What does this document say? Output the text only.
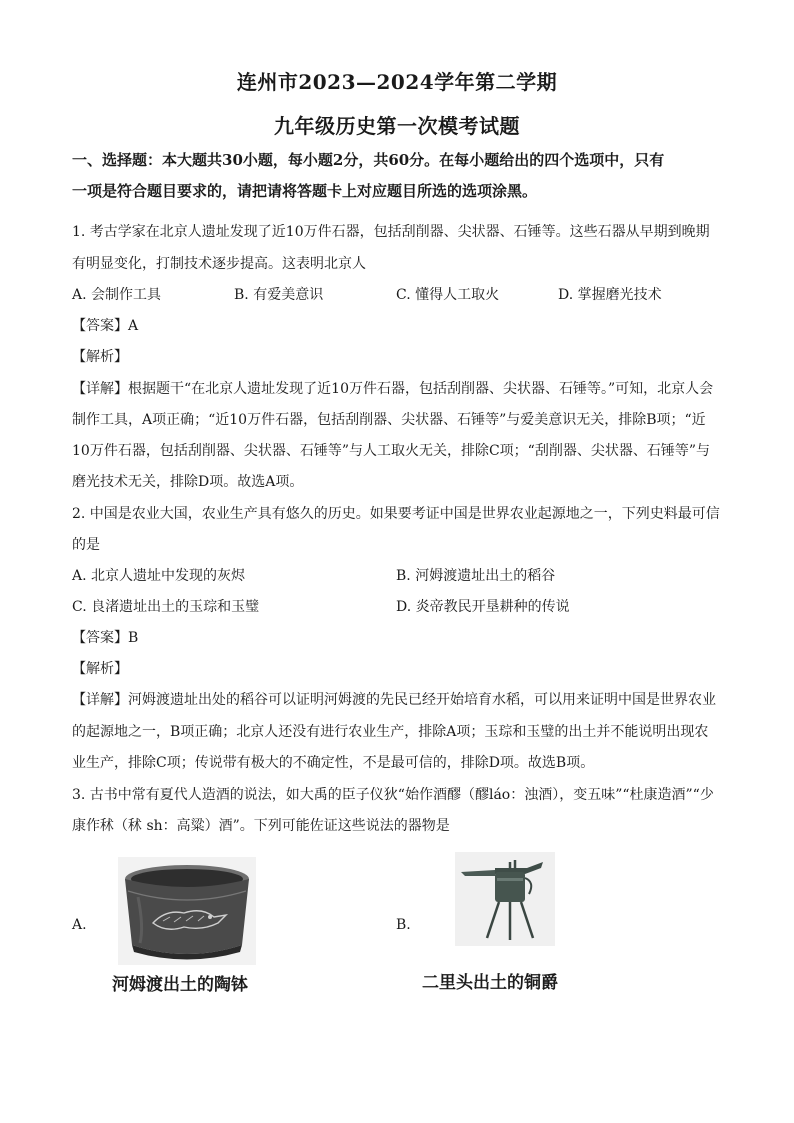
连州市2023—2024学年第二学期
九年级历史第一次模考试题
一、选择题：本大题共30小题，每小题2分，共60分。在每小题给出的四个选项中，只有
一项是符合题目要求的，请把请将答题卡上对应题目所选的选项涂黑。
1. 考古学家在北京人遗址发现了近10万件石器，包括刮削器、尖状器、石锤等。这些石器从早期到晚期
有明显变化，打制技术逐步提高。这表明北京人
A. 会制作工具	B. 有爱美意识	C. 懂得人工取火	D. 掌握磨光技术
【答案】A
【解析】
【详解】根据题干“在北京人遗址发现了近10万件石器，包括刮削器、尖状器、石锤等。”可知，北京人会
制作工具，A项正确；“近10万件石器，包括刮削器、尖状器、石锤等”与爱美意识无关，排除B项；“近
10万件石器，包括刮削器、尖状器、石锤等”与人工取火无关，排除C项；“刮削器、尖状器、石锤等”与
磨光技术无关，排除D项。故选A项。
2. 中国是农业大国，农业生产具有悠久的历史。如果要考证中国是世界农业起源地之一，下列史料最可信
的是
A. 北京人遗址中发现的灰烬	B. 河姆渡遗址出土的稻谷
C. 良渚遗址出土的玉琮和玉璧	D. 炎帝教民开垦耕种的传说
【答案】B
【解析】
【详解】河姆渡遗址出处的稻谷可以证明河姆渡的先民已经开始培育水稻，可以用来证明中国是世界农业
的起源地之一，B项正确；北京人还没有进行农业生产，排除A项；玉琮和玉璧的出土并不能说明出现农
业生产，排除C项；传说带有极大的不确定性，不是最可信的，排除D项。故选B项。
3. 古书中常有夏代人造酒的说法，如大禹的臣子仪狄“始作酒醪（醪láo：浊酒），变五味”“杜康造酒”“少
康作秫（秫 sh：高粱）酒”。下列可能佐证这些说法的器物是
A.
河姆渡出土的陶钵
B.
二里头出土的铜爵
